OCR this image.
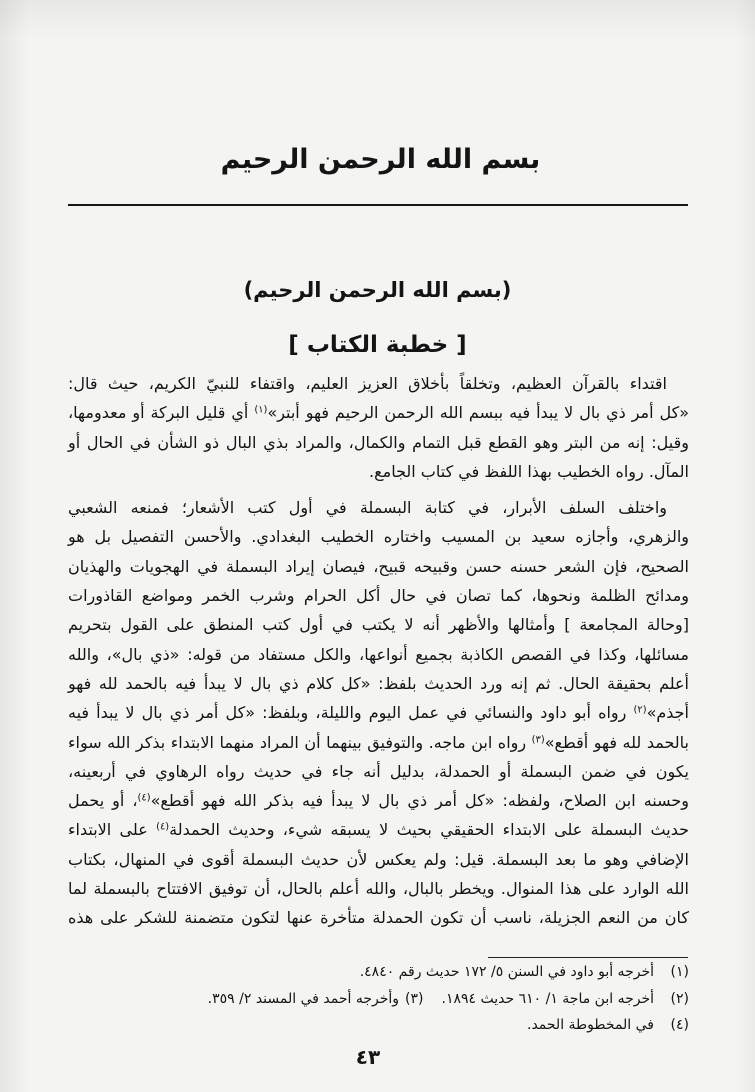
بسم الله الرحمن الرحيم
(بسم الله الرحمن الرحيم)
[ خطبة الكتاب ]
اقتداء بالقرآن العظيم، وتخلقاً بأخلاق العزيز العليم، واقتفاء للنبيّ الكريم، حيث قال:
«كل أمر ذي بال لا يبدأ فيه ببسم الله الرحمن الرحيم فهو أبتر»$^{(١)}$ أي قليل البركة أو معدومها،
وقيل: إنه من البتر وهو القطع قبل التمام والكمال، والمراد بذي البال ذو الشأن في الحال أو
المآل. رواه الخطيب بهذا اللفظ في كتاب الجامع.
واختلف السلف الأبرار، في كتابة البسملة في أول كتب الأشعار؛ فمنعه الشعبي
والزهري، وأجازه سعيد بن المسيب واختاره الخطيب البغدادي. والأحسن التفصيل بل هو
الصحيح، فإن الشعر حسنه حسن وقبيحه قبيح، فيصان إيراد البسملة في الهجويات والهذيان
ومدائح الظلمة ونحوها، كما تصان في حال أكل الحرام وشرب الخمر ومواضع القاذورات
[وحالة المجامعة ] وأمثالها والأظهر أنه لا يكتب في أول كتب المنطق على القول بتحريم
مسائلها، وكذا في القصص الكاذبة بجميع أنواعها، والكل مستفاد من قوله: «ذي بال»، والله
أعلم بحقيقة الحال. ثم إنه ورد الحديث بلفظ: «كل كلام ذي بال لا يبدأ فيه بالحمد لله فهو
أجذم»$^{(٢)}$ رواه أبو داود والنسائي في عمل اليوم والليلة، وبلفظ: «كل أمر ذي بال لا يبدأ فيه
بالحمد لله فهو أقطع»$^{(٣)}$ رواه ابن ماجه. والتوفيق بينهما أن المراد منهما الابتداء بذكر الله سواء
يكون في ضمن البسملة أو الحمدلة، بدليل أنه جاء في حديث رواه الرهاوي في أربعينه،
وحسنه ابن الصلاح، ولفظه: «كل أمر ذي بال لا يبدأ فيه بذكر الله فهو أقطع»$^{(٤)}$، أو يحمل
حديث البسملة على الابتداء الحقيقي بحيث لا يسبقه شيء، وحديث الحمدلة$^{(٤)}$ على الابتداء
الإضافي وهو ما بعد البسملة. قيل: ولم يعكس لأن حديث البسملة أقوى في المنهال، بكتاب
الله الوارد على هذا المنوال. ويخطر بالبال، والله أعلم بالحال، أن توفيق الافتتاح بالبسملة لما
كان من النعم الجزيلة، ناسب أن تكون الحمدلة متأخرة عنها لتكون متضمنة للشكر على هذه
(١)
أخرجه أبو داود في السنن ٥/ ١٧٢ حديث رقم ٤٨٤٠.
(٢)
أخرجه ابن ماجة ١/ ٦١٠ حديث ١٨٩٤.
(٣)
وأخرجه أحمد في المسند ٢/ ٣٥٩.
(٤)
في المخطوطة الحمد.
٤٣
